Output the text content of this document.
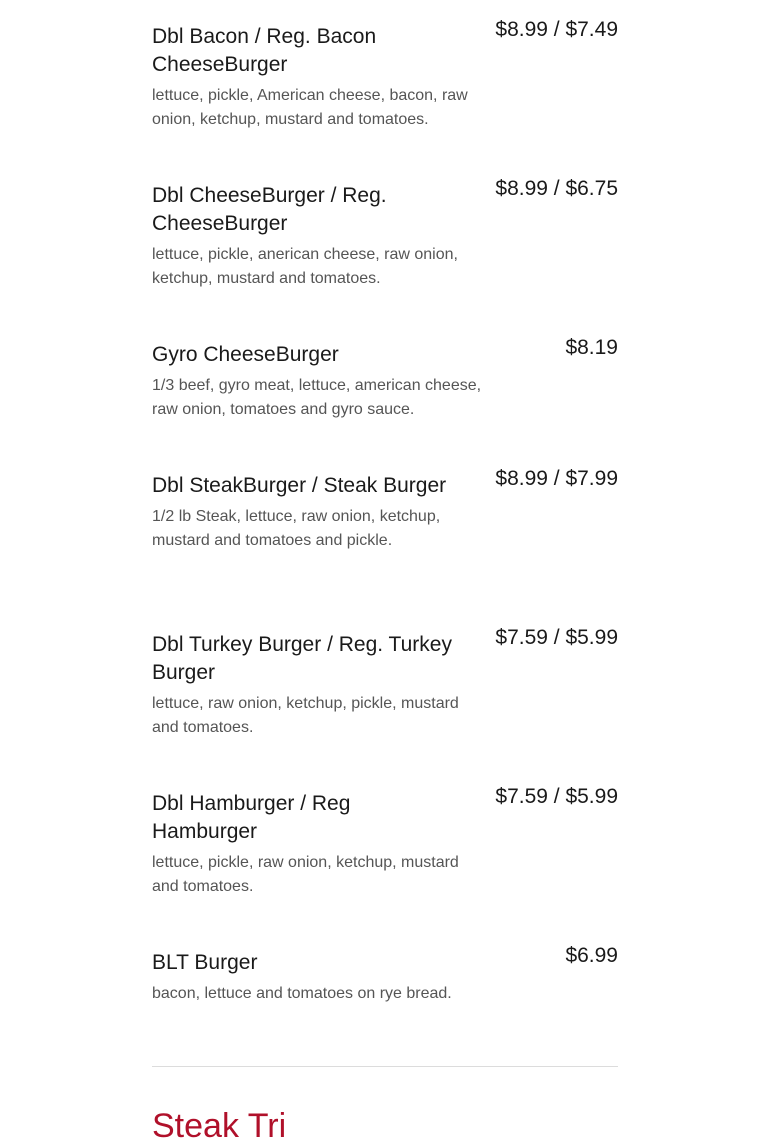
Dbl Bacon / Reg. Bacon CheeseBurger
lettuce, pickle, American cheese, bacon, raw onion, ketchup, mustard and tomatoes.
$8.99 / $7.49
Dbl CheeseBurger / Reg. CheeseBurger
lettuce, pickle, anerican cheese, raw onion, ketchup, mustard and tomatoes.
$8.99 / $6.75
Gyro CheeseBurger
1/3 beef, gyro meat, lettuce, american cheese, raw onion, tomatoes and gyro sauce.
$8.19
Dbl SteakBurger / Steak Burger
1/2 lb Steak, lettuce, raw onion, ketchup, mustard and tomatoes and pickle.
$8.99 / $7.99
Dbl Turkey Burger / Reg. Turkey Burger
lettuce, raw onion, ketchup, pickle, mustard and tomatoes.
$7.59 / $5.99
Dbl Hamburger / Reg Hamburger
lettuce, pickle, raw onion, ketchup, mustard and tomatoes.
$7.59 / $5.99
BLT Burger
bacon, lettuce and tomatoes on rye bread.
$6.99
Steak Tri
